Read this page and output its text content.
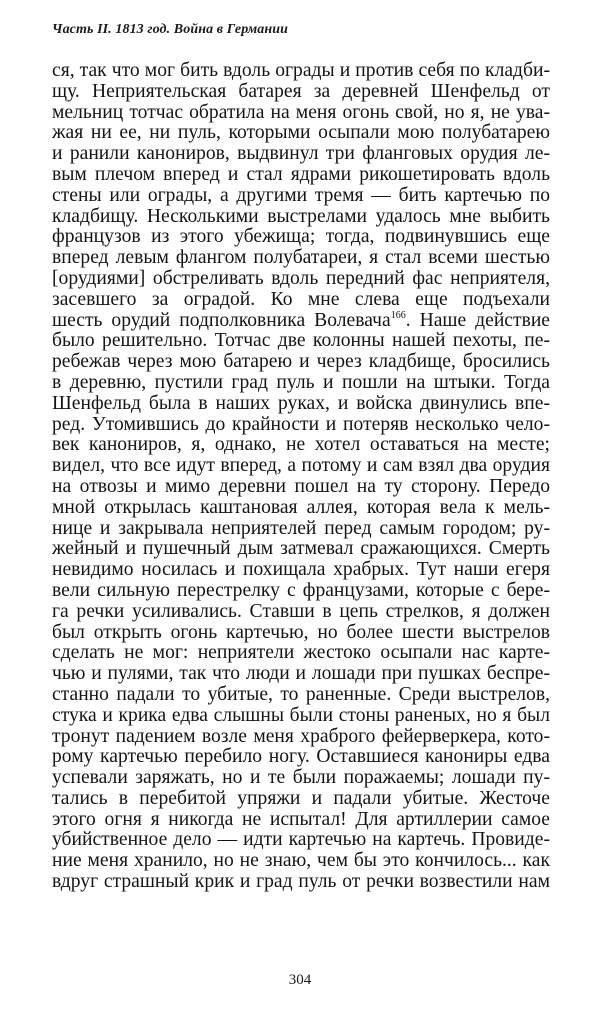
Часть II. 1813 год. Война в Германии
ся, так что мог бить вдоль ограды и против себя по кладби-
щу. Неприятельская батарея за деревней Шенфельд от
мельниц тотчас обратила на меня огонь свой, но я, не ува-
жая ни ее, ни пуль, которыми осыпали мою полубатарею
и ранили канониров, выдвинул три фланговых орудия ле-
вым плечом вперед и стал ядрами рикошетировать вдоль
стены или ограды, а другими тремя — бить картечью по
кладбищу. Несколькими выстрелами удалось мне выбить
французов из этого убежища; тогда, подвинувшись еще
вперед левым флангом полубатареи, я стал всеми шестью
[орудиями] обстреливать вдоль передний фас неприятеля,
засевшего за оградой. Ко мне слева еще подъехали
шесть орудий подполковника Волевача$^{166}$. Наше действие
было решительно. Тотчас две колонны нашей пехоты, пе-
ребежав через мою батарею и через кладбище, бросились
в деревню, пустили град пуль и пошли на штыки. Тогда
Шенфельд была в наших руках, и войска двинулись впе-
ред. Утомившись до крайности и потеряв несколько чело-
век канониров, я, однако, не хотел оставаться на месте;
видел, что все идут вперед, а потому и сам взял два орудия
на отвозы и мимо деревни пошел на ту сторону. Передо
мной открылась каштановая аллея, которая вела к мель-
нице и закрывала неприятелей перед самым городом; ру-
жейный и пушечный дым затмевал сражающихся. Смерть
невидимо носилась и похищала храбрых. Тут наши егеря
вели сильную перестрелку с французами, которые с бере-
га речки усиливались. Ставши в цепь стрелков, я должен
был открыть огонь картечью, но более шести выстрелов
сделать не мог: неприятели жестоко осыпали нас карте-
чью и пулями, так что люди и лошади при пушках беспре-
станно падали то убитые, то раненные. Среди выстрелов,
стука и крика едва слышны были стоны раненых, но я был
тронут падением возле меня храброго фейерверкера, кото-
рому картечью перебило ногу. Оставшиеся канониры едва
успевали заряжать, но и те были поражаемы; лошади пу-
тались в перебитой упряжи и падали убитые. Жесточе
этого огня я никогда не испытал! Для артиллерии самое
убийственное дело — идти картечью на картечь. Провиде-
ние меня хранило, но не знаю, чем бы это кончилось... как
вдруг страшный крик и град пуль от речки возвестили нам
304
